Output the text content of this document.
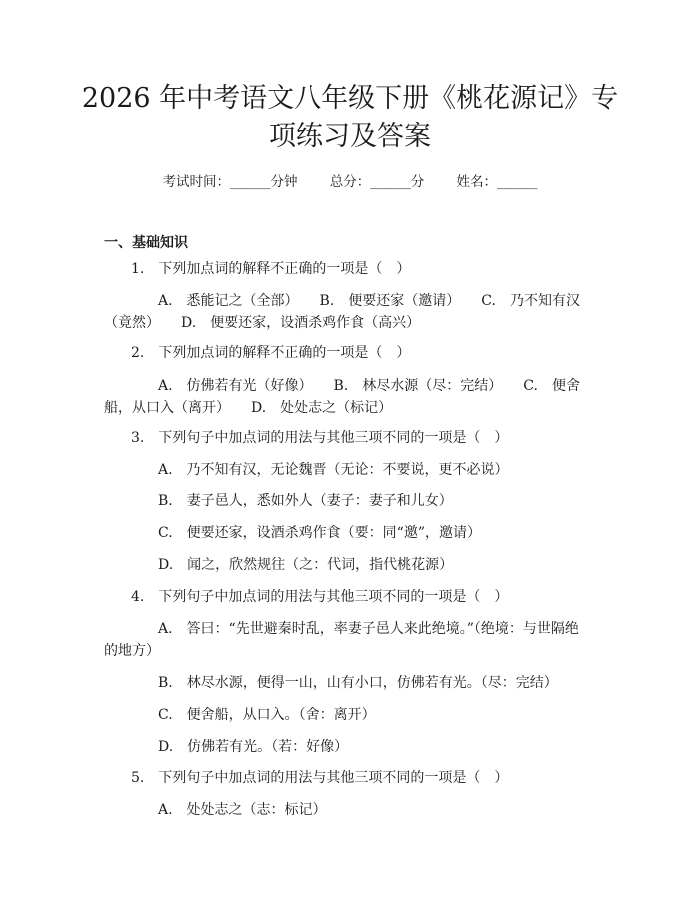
2026 年中考语文八年级下册《桃花源记》专
项练习及答案
考试时间：______分钟 总分：______分 姓名：______
一、基础知识
1.　下列加点词的解释不正确的一项是（　）
A.　悉能记之（全部）　　B.　便要还家（邀请）　　C.　乃不知有汉
（竟然）　　D.　便要还家，设酒杀鸡作食（高兴）
2.　下列加点词的解释不正确的一项是（　）
A.　仿佛若有光（好像）　　B.　林尽水源（尽：完结）　　C.　便舍
船，从口入（离开）　　D.　处处志之（标记）
3.　下列句子中加点词的用法与其他三项不同的一项是（　）
A.　乃不知有汉，无论魏晋（无论：不要说，更不必说）
B.　妻子邑人，悉如外人（妻子：妻子和儿女）
C.　便要还家，设酒杀鸡作食（要：同“邀”，邀请）
D.　闻之，欣然规往（之：代词，指代桃花源）
4.　下列句子中加点词的用法与其他三项不同的一项是（　）
A.　答曰：“先世避秦时乱，率妻子邑人来此绝境。”（绝境：与世隔绝
的地方）
B.　林尽水源，便得一山，山有小口，仿佛若有光。（尽：完结）
C.　便舍船，从口入。（舍：离开）
D.　仿佛若有光。（若：好像）
5.　下列句子中加点词的用法与其他三项不同的一项是（　）
A.　处处志之（志：标记）
